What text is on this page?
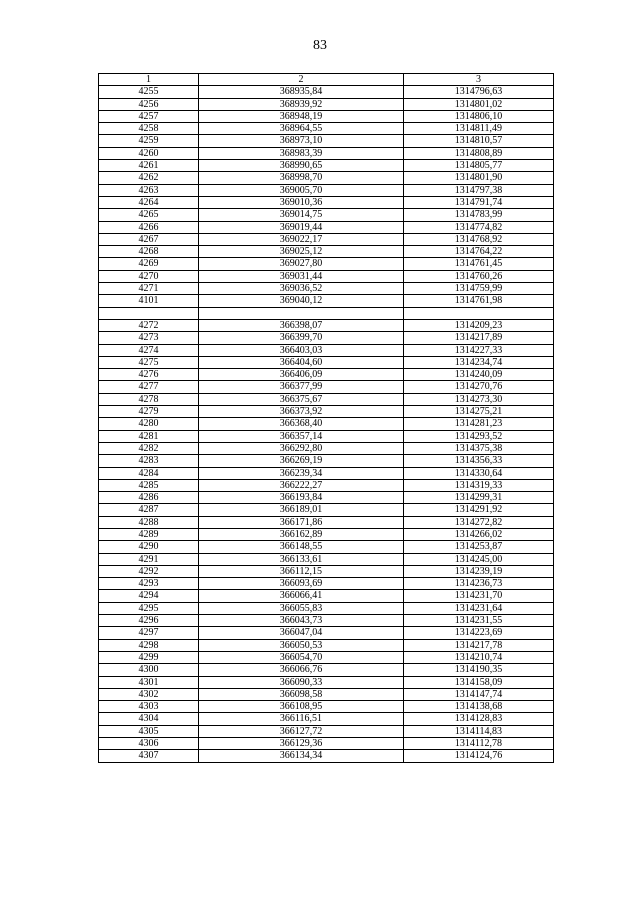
83
1	2	3
4255	368935,84	1314796,63
4256	368939,92	1314801,02
4257	368948,19	1314806,10
4258	368964,55	1314811,49
4259	368973,10	1314810,57
4260	368983,39	1314808,89
4261	368990,65	1314805,77
4262	368998,70	1314801,90
4263	369005,70	1314797,38
4264	369010,36	1314791,74
4265	369014,75	1314783,99
4266	369019,44	1314774,82
4267	369022,17	1314768,92
4268	369025,12	1314764,22
4269	369027,80	1314761,45
4270	369031,44	1314760,26
4271	369036,52	1314759,99
4101	369040,12	1314761,98

4272	366398,07	1314209,23
4273	366399,70	1314217,89
4274	366403,03	1314227,33
4275	366404,60	1314234,74
4276	366406,09	1314240,09
4277	366377,99	1314270,76
4278	366375,67	1314273,30
4279	366373,92	1314275,21
4280	366368,40	1314281,23
4281	366357,14	1314293,52
4282	366292,80	1314375,38
4283	366269,19	1314356,33
4284	366239,34	1314330,64
4285	366222,27	1314319,33
4286	366193,84	1314299,31
4287	366189,01	1314291,92
4288	366171,86	1314272,82
4289	366162,89	1314266,02
4290	366148,55	1314253,87
4291	366133,61	1314245,00
4292	366112,15	1314239,19
4293	366093,69	1314236,73
4294	366066,41	1314231,70
4295	366055,83	1314231,64
4296	366043,73	1314231,55
4297	366047,04	1314223,69
4298	366050,53	1314217,78
4299	366054,70	1314210,74
4300	366066,76	1314190,35
4301	366090,33	1314158,09
4302	366098,58	1314147,74
4303	366108,95	1314138,68
4304	366116,51	1314128,83
4305	366127,72	1314114,83
4306	366129,36	1314112,78
4307	366134,34	1314124,76
